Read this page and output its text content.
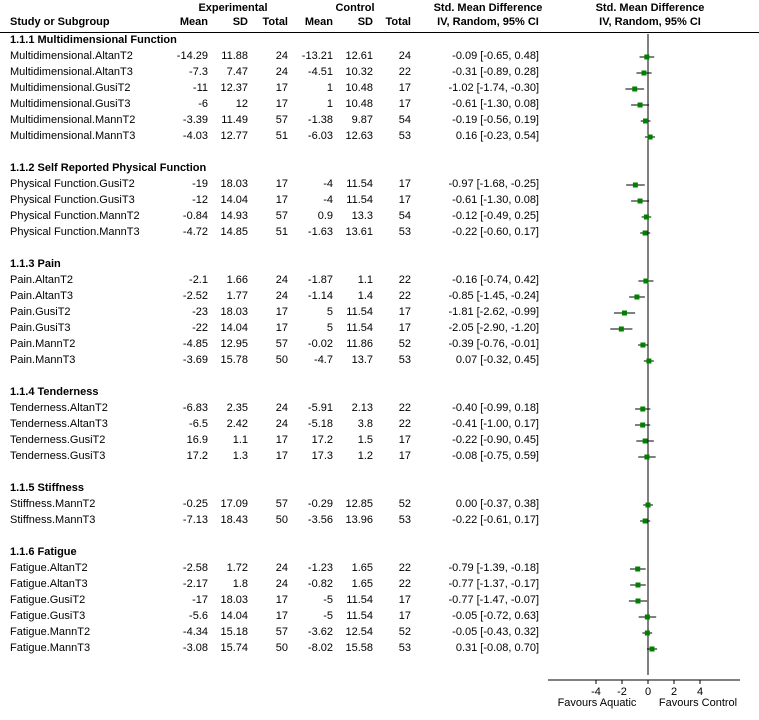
Experimental	Control	Std. Mean Difference
IV, Random, 95% CI
Std. Mean Difference
IV, Random, 95% CI
Study or Subgroup	Mean	SD	Total	Mean	SD	Total
1.1.1 Multidimensional Function
Multidimensional.AltanT2	-14.29	11.88	24	-13.21	12.61	24	-0.09 [-0.65, 0.48]
Multidimensional.AltanT3	-7.3	7.47	24	-4.51	10.32	22	-0.31 [-0.89, 0.28]
Multidimensional.GusiT2	-11	12.37	17	1	10.48	17	-1.02 [-1.74, -0.30]
Multidimensional.GusiT3	-6	12	17	1	10.48	17	-0.61 [-1.30, 0.08]
Multidimensional.MannT2	-3.39	11.49	57	-1.38	9.87	54	-0.19 [-0.56, 0.19]
Multidimensional.MannT3	-4.03	12.77	51	-6.03	12.63	53	0.16 [-0.23, 0.54]
1.1.2 Self Reported Physical Function
Physical Function.GusiT2	-19	18.03	17	-4	11.54	17	-0.97 [-1.68, -0.25]
Physical Function.GusiT3	-12	14.04	17	-4	11.54	17	-0.61 [-1.30, 0.08]
Physical Function.MannT2	-0.84	14.93	57	0.9	13.3	54	-0.12 [-0.49, 0.25]
Physical Function.MannT3	-4.72	14.85	51	-1.63	13.61	53	-0.22 [-0.60, 0.17]
1.1.3 Pain
Pain.AltanT2	-2.1	1.66	24	-1.87	1.1	22	-0.16 [-0.74, 0.42]
Pain.AltanT3	-2.52	1.77	24	-1.14	1.4	22	-0.85 [-1.45, -0.24]
Pain.GusiT2	-23	18.03	17	5	11.54	17	-1.81 [-2.62, -0.99]
Pain.GusiT3	-22	14.04	17	5	11.54	17	-2.05 [-2.90, -1.20]
Pain.MannT2	-4.85	12.95	57	-0.02	11.86	52	-0.39 [-0.76, -0.01]
Pain.MannT3	-3.69	15.78	50	-4.7	13.7	53	0.07 [-0.32, 0.45]
1.1.4 Tenderness
Tenderness.AltanT2	-6.83	2.35	24	-5.91	2.13	22	-0.40 [-0.99, 0.18]
Tenderness.AltanT3	-6.5	2.42	24	-5.18	3.8	22	-0.41 [-1.00, 0.17]
Tenderness.GusiT2	16.9	1.1	17	17.2	1.5	17	-0.22 [-0.90, 0.45]
Tenderness.GusiT3	17.2	1.3	17	17.3	1.2	17	-0.08 [-0.75, 0.59]
1.1.5 Stiffness
Stiffness.MannT2	-0.25	17.09	57	-0.29	12.85	52	0.00 [-0.37, 0.38]
Stiffness.MannT3	-7.13	18.43	50	-3.56	13.96	53	-0.22 [-0.61, 0.17]
1.1.6 Fatigue
Fatigue.AltanT2	-2.58	1.72	24	-1.23	1.65	22	-0.79 [-1.39, -0.18]
Fatigue.AltanT3	-2.17	1.8	24	-0.82	1.65	22	-0.77 [-1.37, -0.17]
Fatigue.GusiT2	-17	18.03	17	-5	11.54	17	-0.77 [-1.47, -0.07]
Fatigue.GusiT3	-5.6	14.04	17	-5	11.54	17	-0.05 [-0.72, 0.63]
Fatigue.MannT2	-4.34	15.18	57	-3.62	12.54	52	-0.05 [-0.43, 0.32]
Fatigue.MannT3	-3.08	15.74	50	-8.02	15.58	53	0.31 [-0.08, 0.70]
-4 -2 0 2 4
Favours Aquatic	Favours Control
